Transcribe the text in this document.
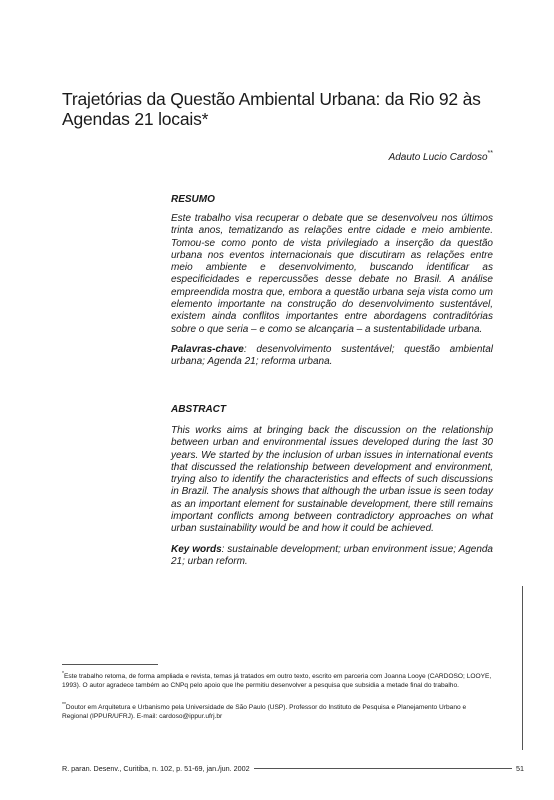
Trajetórias da Questão Ambiental Urbana: da Rio 92 às Agendas 21 locais*
Adauto Lucio Cardoso**
RESUMO

Este trabalho visa recuperar o debate que se desenvolveu nos últimos trinta anos, tematizando as relações entre cidade e meio ambiente. Tomou-se como ponto de vista privilegiado a inserção da questão urbana nos eventos internacionais que discutiram as relações entre meio ambiente e desenvolvimento, buscando identificar as especificidades e repercussões desse debate no Brasil. A análise empreendida mostra que, embora a questão urbana seja vista como um elemento importante na construção do desenvolvimento sustentável, existem ainda conflitos importantes entre abordagens contraditórias sobre o que seria – e como se alcançaria – a sustentabilidade urbana.

Palavras-chave: desenvolvimento sustentável; questão ambiental urbana; Agenda 21; reforma urbana.

ABSTRACT

This works aims at bringing back the discussion on the relationship between urban and environmental issues developed during the last 30 years. We started by the inclusion of urban issues in international events that discussed the relationship between development and environment, trying also to identify the characteristics and effects of such discussions in Brazil. The analysis shows that although the urban issue is seen today as an important element for sustainable development, there still remains important conflicts among between contradictory approaches on what urban sustainability would be and how it could be achieved.

Key words: sustainable development; urban environment issue; Agenda 21; urban reform.

*Este trabalho retoma, de forma ampliada e revista, temas já tratados em outro texto, escrito em parceria com Joanna Looye (CARDOSO; LOOYE, 1993). O autor agradece também ao CNPq pelo apoio que lhe permitiu desenvolver a pesquisa que subsidia a metade final do trabalho.

**Doutor em Arquitetura e Urbanismo pela Universidade de São Paulo (USP). Professor do Instituto de Pesquisa e Planejamento Urbano e Regional (IPPUR/UFRJ). E-mail: cardoso@ippur.ufrj.br

R. paran. Desenv., Curitiba, n. 102, p. 51-69, jan./jun. 2002	51
